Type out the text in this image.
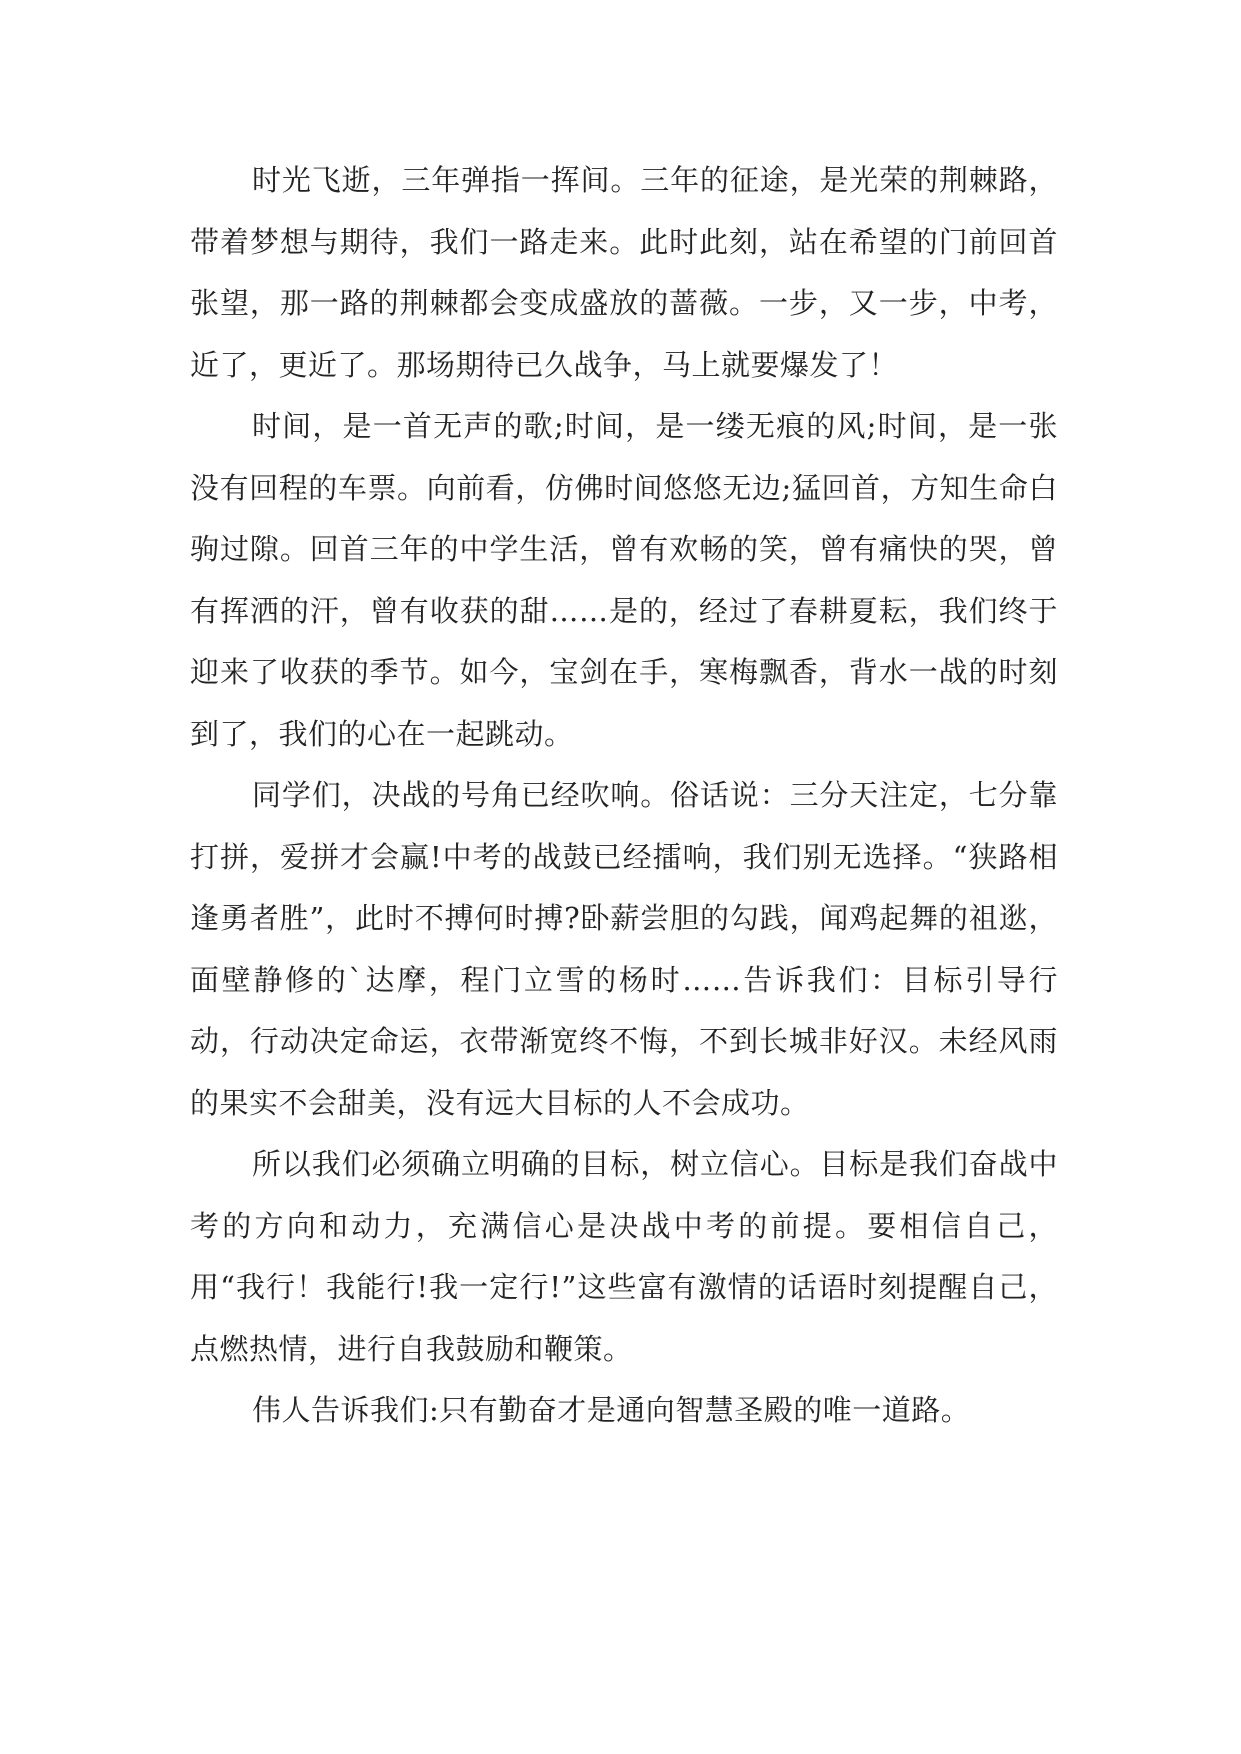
时光飞逝，三年弹指一挥间。三年的征途，是光荣的荆棘路，带着梦想与期待，我们一路走来。此时此刻，站在希望的门前回首张望，那一路的荆棘都会变成盛放的蔷薇。一步，又一步，中考，近了，更近了。那场期待已久战争，马上就要爆发了！

时间，是一首无声的歌;时间，是一缕无痕的风;时间，是一张没有回程的车票。向前看，仿佛时间悠悠无边;猛回首，方知生命白驹过隙。回首三年的中学生活，曾有欢畅的笑，曾有痛快的哭，曾有挥洒的汗，曾有收获的甜……是的，经过了春耕夏耘，我们终于迎来了收获的季节。如今，宝剑在手，寒梅飘香，背水一战的时刻到了，我们的心在一起跳动。

同学们，决战的号角已经吹响。俗话说：三分天注定，七分靠打拼，爱拼才会赢!中考的战鼓已经擂响，我们别无选择。“狭路相逢勇者胜”，此时不搏何时搏?卧薪尝胆的勾践，闻鸡起舞的祖逖，面壁静修的`达摩，程门立雪的杨时……告诉我们：目标引导行动，行动决定命运，衣带渐宽终不悔，不到长城非好汉。未经风雨的果实不会甜美，没有远大目标的人不会成功。

所以我们必须确立明确的目标，树立信心。目标是我们奋战中考的方向和动力，充满信心是决战中考的前提。要相信自己，用“我行！我能行!我一定行!”这些富有激情的话语时刻提醒自己，点燃热情，进行自我鼓励和鞭策。

伟人告诉我们:只有勤奋才是通向智慧圣殿的唯一道路。
